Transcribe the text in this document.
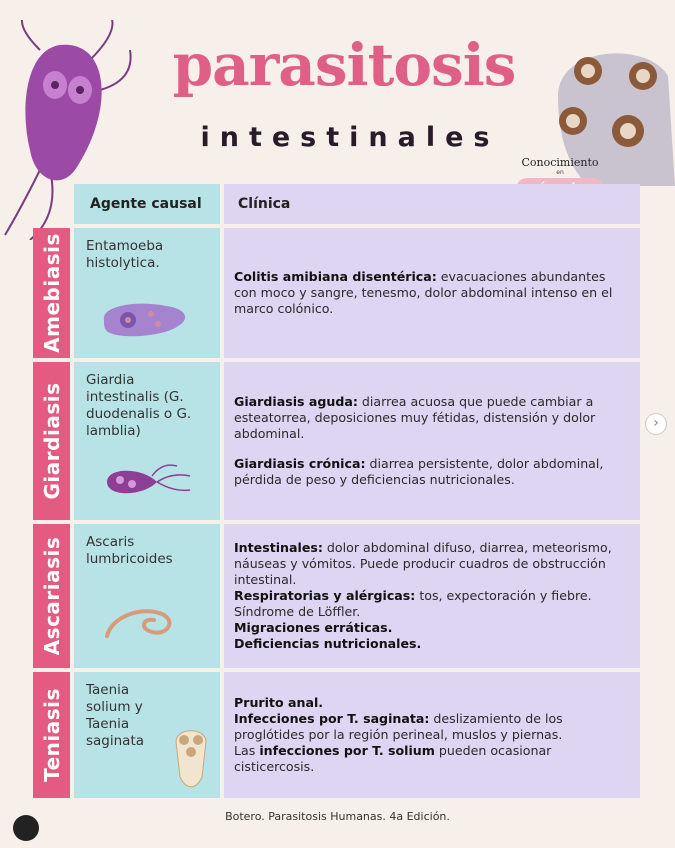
parasitosis
intestinales
Conocimiento
en
Agente causal	Clínica
Amebiasis Entamoeba histolytica.

Colitis amibiana disentérica: evacuaciones abundantes con moco y sangre, tenesmo, dolor abdominal intenso en el marco colónico.

Giardiasis
Giardia intestinalis (G. duodenalis o G. lamblia)

Giardiasis aguda: diarrea acuosa que puede cambiar a esteatorrea, deposiciones muy fétidas, distensión y dolor abdominal.

Giardiasis crónica: diarrea persistente, dolor abdominal, pérdida de peso y deficiencias nutricionales.

Ascariasis Ascaris lumbricoides

Intestinales: dolor abdominal difuso, diarrea, meteorismo, náuseas y vómitos. Puede producir cuadros de obstrucción intestinal.

Respiratorias y alérgicas: tos, expectoración y fiebre. Síndrome de Löffler.

Migraciones erráticas.

Deficiencias nutricionales.

Teniasis Taenia solium y Taenia saginata

Prurito anal.

Infecciones por T. saginata: deslizamiento de los proglótides por la región perineal, muslos y piernas.

Las infecciones por T. solium pueden ocasionar cisticercosis.

›
Botero. Parasitosis Humanas. 4a Edición.
